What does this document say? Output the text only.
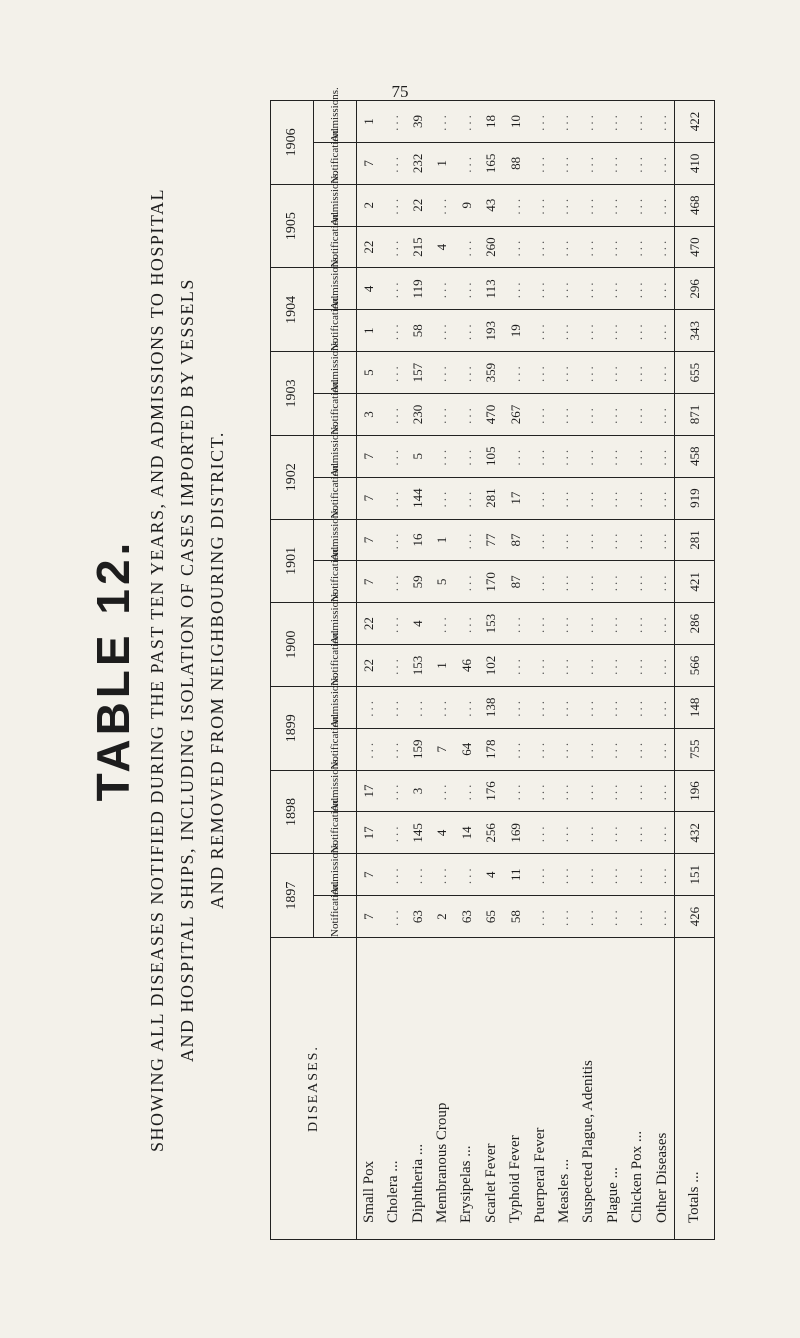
75
TABLE 12. SHOWING ALL DISEASES NOTIFIED DURING THE PAST TEN YEARS, AND ADMISSIONS TO HOSPITAL AND HOSPITAL SHIPS, INCLUDING ISOLATION OF CASES IMPORTED BY VESSELS AND REMOVED FROM NEIGHBOURING DISTRICT.
DISEASES.	1897		1898		1899		1900		1901		1902		1903		1904		1905		1906	
	Notification.	Admissions.	Notification.	Admissions.	Notification.	Admissions.	Notification.	Admissions.	Notification.	Admissions.	Notification.	Admissions.	Notification.	Admissions.	Notification.	Admissions.	Notification.	Admissions.	Notification.	Admissions.
Small Pox	7	7	17	17	...	...	22	22	7	7	7	7	3	5	1	4	22	2	7	1
Cholera ...	...	...	...	...	...	...	...	...	...	...	...	...	...	...	...	...	...	...	...	...
Diphtheria ...	63	...	145	3	159	...	153	4	59	16	144	5	230	157	58	119	215	22	232	39
Membranous Croup	2	...	4	...	7	...	1	...	5	1	...	...	...	...	...	...	4	...	1	...
Erysipelas ...	63	...	14	...	64	...	46	...	...	...	...	...	...	...	...	...	...	9	...	...
Scarlet Fever	65	4	256	176	178	138	102	153	170	77	281	105	470	359	193	113	260	43	165	18
Typhoid Fever	58	11	169	...	...	...	...	...	87	87	17	...	267	...	19	...	...	...	88	10
Puerperal Fever	...	...	...	...	...	...	...	...	...	...	...	...	...	...	...	...	...	...	...	...
Measles ...	...	...	...	...	...	...	...	...	...	...	...	...	...	...	...	...	...	...	...	...
Suspected Plague, Adenitis	...	...	...	...	...	...	...	...	...	...	...	...	...	...	...	...	...	...	...	...
Plague ...	...	...	...	...	...	...	...	...	...	...	...	...	...	...	...	...	...	...	...	...
Chicken Pox ...	...	...	...	...	...	...	...	...	...	...	...	...	...	...	...	...	...	...	...	...
Other Diseases	...	...	...	...	...	...	...	...	...	...	...	...	...	...	...	...	...	...	...	...
Totals ...	426	151	432	196	755	148	566	286	421	281	919	458	871	655	343	296	470	468	410	422
